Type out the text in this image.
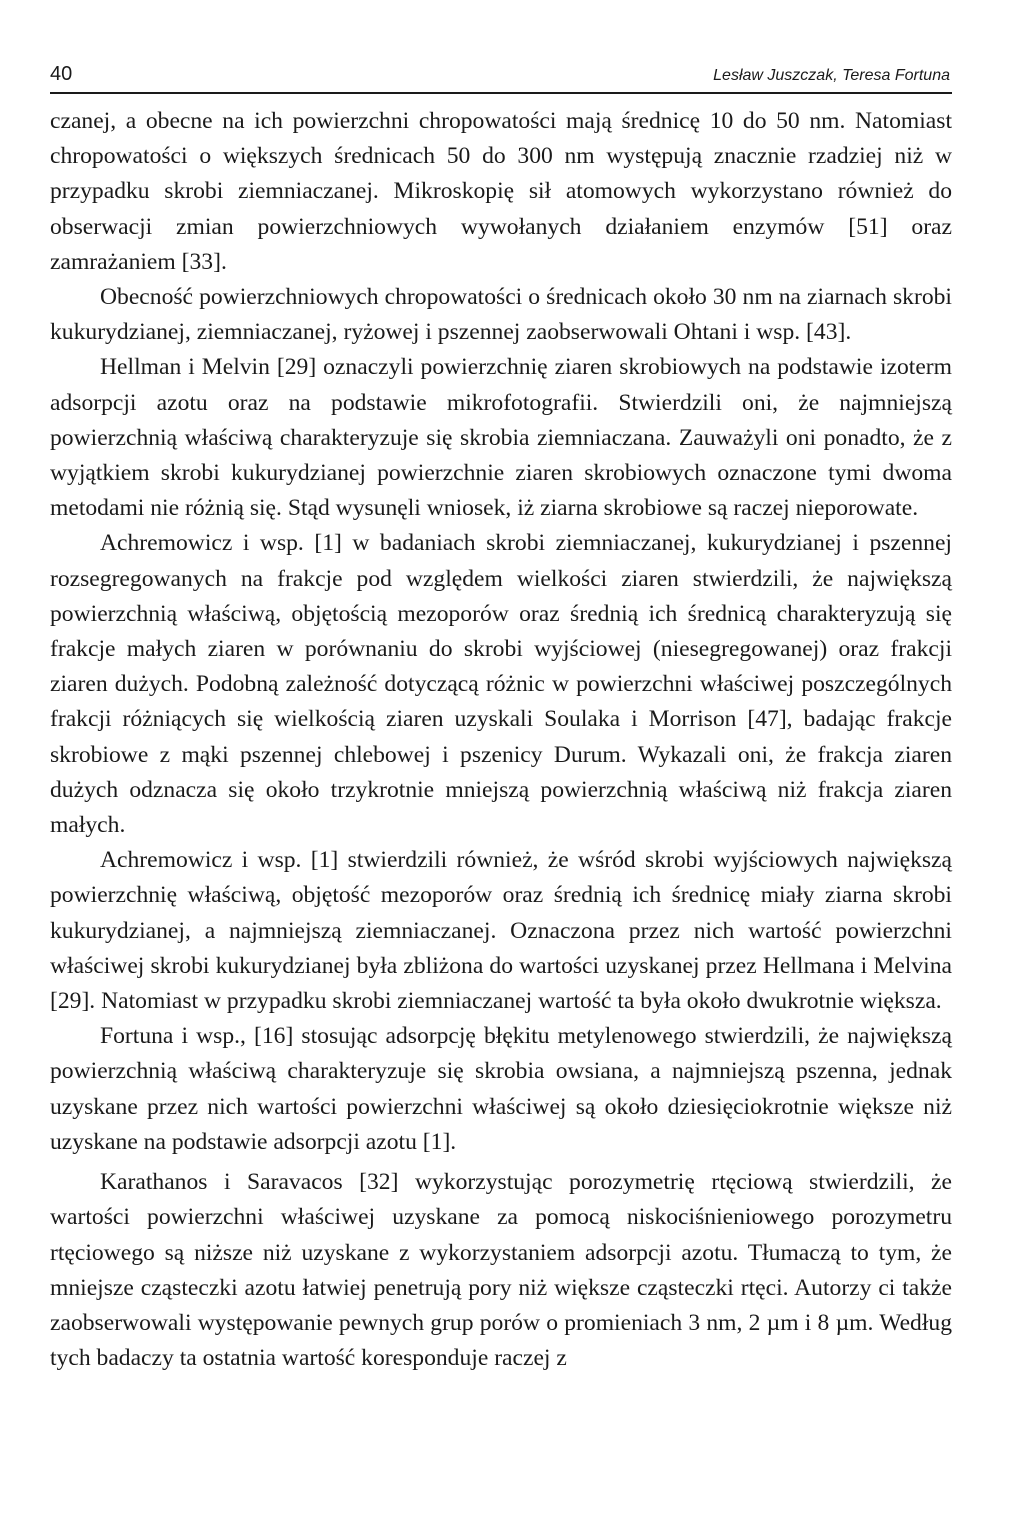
40	Lesław Juszczak, Teresa Fortuna

czanej, a obecne na ich powierzchni chropowatości mają średnicę 10 do 50 nm. Natomiast chropowatości o większych średnicach 50 do 300 nm występują znacznie rzadziej niż w przypadku skrobi ziemniaczanej. Mikroskopię sił atomowych wykorzystano również do obserwacji zmian powierzchniowych wywołanych działaniem enzymów [51] oraz zamrażaniem [33].

Obecność powierzchniowych chropowatości o średnicach około 30 nm na ziarnach skrobi kukurydzianej, ziemniaczanej, ryżowej i pszennej zaobserwowali Ohtani i wsp. [43].

Hellman i Melvin [29] oznaczyli powierzchnię ziaren skrobiowych na podstawie izoterm adsorpcji azotu oraz na podstawie mikrofotografii. Stwierdzili oni, że najmniejszą powierzchnią właściwą charakteryzuje się skrobia ziemniaczana. Zauważyli oni ponadto, że z wyjątkiem skrobi kukurydzianej powierzchnie ziaren skrobiowych oznaczone tymi dwoma metodami nie różnią się. Stąd wysunęli wniosek, iż ziarna skrobiowe są raczej nieporowate.

Achremowicz i wsp. [1] w badaniach skrobi ziemniaczanej, kukurydzianej i pszennej rozsegregowanych na frakcje pod względem wielkości ziaren stwierdzili, że największą powierzchnią właściwą, objętością mezoporów oraz średnią ich średnicą charakteryzują się frakcje małych ziaren w porównaniu do skrobi wyjściowej (niesegregowanej) oraz frakcji ziaren dużych. Podobną zależność dotyczącą różnic w powierzchni właściwej poszczególnych frakcji różniących się wielkością ziaren uzyskali Soulaka i Morrison [47], badając frakcje skrobiowe z mąki pszennej chlebowej i pszenicy Durum. Wykazali oni, że frakcja ziaren dużych odznacza się około trzykrotnie mniejszą powierzchnią właściwą niż frakcja ziaren małych.

Achremowicz i wsp. [1] stwierdzili również, że wśród skrobi wyjściowych największą powierzchnię właściwą, objętość mezoporów oraz średnią ich średnicę miały ziarna skrobi kukurydzianej, a najmniejszą ziemniaczanej. Oznaczona przez nich wartość powierzchni właściwej skrobi kukurydzianej była zbliżona do wartości uzyskanej przez Hellmana i Melvina [29]. Natomiast w przypadku skrobi ziemniaczanej wartość ta była około dwukrotnie większa.

Fortuna i wsp., [16] stosując adsorpcję błękitu metylenowego stwierdzili, że największą powierzchnią właściwą charakteryzuje się skrobia owsiana, a najmniejszą pszenna, jednak uzyskane przez nich wartości powierzchni właściwej są około dziesięciokrotnie większe niż uzyskane na podstawie adsorpcji azotu [1].

Karathanos i Saravacos [32] wykorzystując porozymetrię rtęciową stwierdzili, że wartości powierzchni właściwej uzyskane za pomocą niskociśnieniowego porozymetru rtęciowego są niższe niż uzyskane z wykorzystaniem adsorpcji azotu. Tłumaczą to tym, że mniejsze cząsteczki azotu łatwiej penetrują pory niż większe cząsteczki rtęci. Autorzy ci także zaobserwowali występowanie pewnych grup porów o promieniach 3 nm, 2 µm i 8 µm. Według tych badaczy ta ostatnia wartość koresponduje raczej z
